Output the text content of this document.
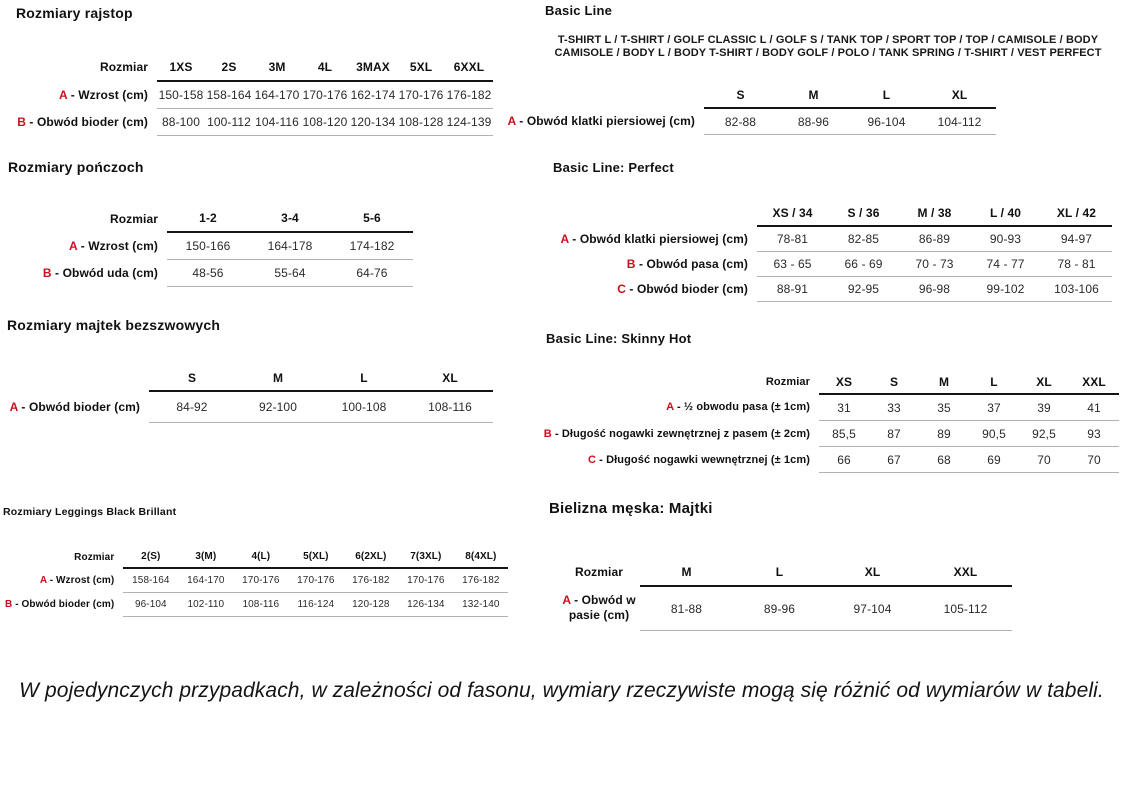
Rozmiary rajstop
Rozmiar	1XS	2S	3M	4L	3MAX	5XL	6XXL
A - Wzrost (cm)	150-158	158-164	164-170	170-176	162-174	170-176	176-182
B - Obwód bioder (cm)	88-100	100-112	104-116	108-120	120-134	108-128	124-139
Rozmiary pończoch
Rozmiar	1-2	3-4	5-6
A - Wzrost (cm)	150-166	164-178	174-182
B - Obwód uda (cm)	48-56	55-64	64-76
Rozmiary majtek bezszwowych
	S	M	L	XL
A - Obwód bioder (cm)	84-92	92-100	100-108	108-116
Rozmiary Leggings Black Brillant
Rozmiar	2(S)	3(M)	4(L)	5(XL)	6(2XL)	7(3XL)	8(4XL)
A - Wzrost (cm)	158-164	164-170	170-176	170-176	176-182	170-176	176-182
B - Obwód bioder (cm)	96-104	102-110	108-116	116-124	120-128	126-134	132-140
Basic Line
T-SHIRT L / T-SHIRT / GOLF CLASSIC L / GOLF S / TANK TOP / SPORT TOP / TOP / CAMISOLE / BODY
CAMISOLE / BODY L / BODY T-SHIRT / BODY GOLF / POLO / TANK SPRING / T-SHIRT / VEST PERFECT
	S	M	L	XL
A - Obwód klatki piersiowej (cm)	82-88	88-96	96-104	104-112
Basic Line: Perfect
	XS / 34	S / 36	M / 38	L / 40	XL / 42
A - Obwód klatki piersiowej (cm)	78-81	82-85	86-89	90-93	94-97
B - Obwód pasa (cm)	63 - 65	66 - 69	70 - 73	74 - 77	78 - 81
C - Obwód bioder (cm)	88-91	92-95	96-98	99-102	103-106
Basic Line: Skinny Hot
Rozmiar	XS	S	M	L	XL	XXL
A - ½ obwodu pasa (± 1cm)	31	33	35	37	39	41
B - Długość nogawki zewnętrznej z pasem (± 2cm)	85,5	87	89	90,5	92,5	93
C - Długość nogawki wewnętrznej (± 1cm)	66	67	68	69	70	70
Bielizna męska: Majtki
Rozmiar	M	L	XL	XXL
A - Obwód w pasie (cm)	81-88	89-96	97-104	105-112
W pojedynczych przypadkach, w zależności od fasonu, wymiary rzeczywiste mogą się różnić od wymiarów w tabeli.
